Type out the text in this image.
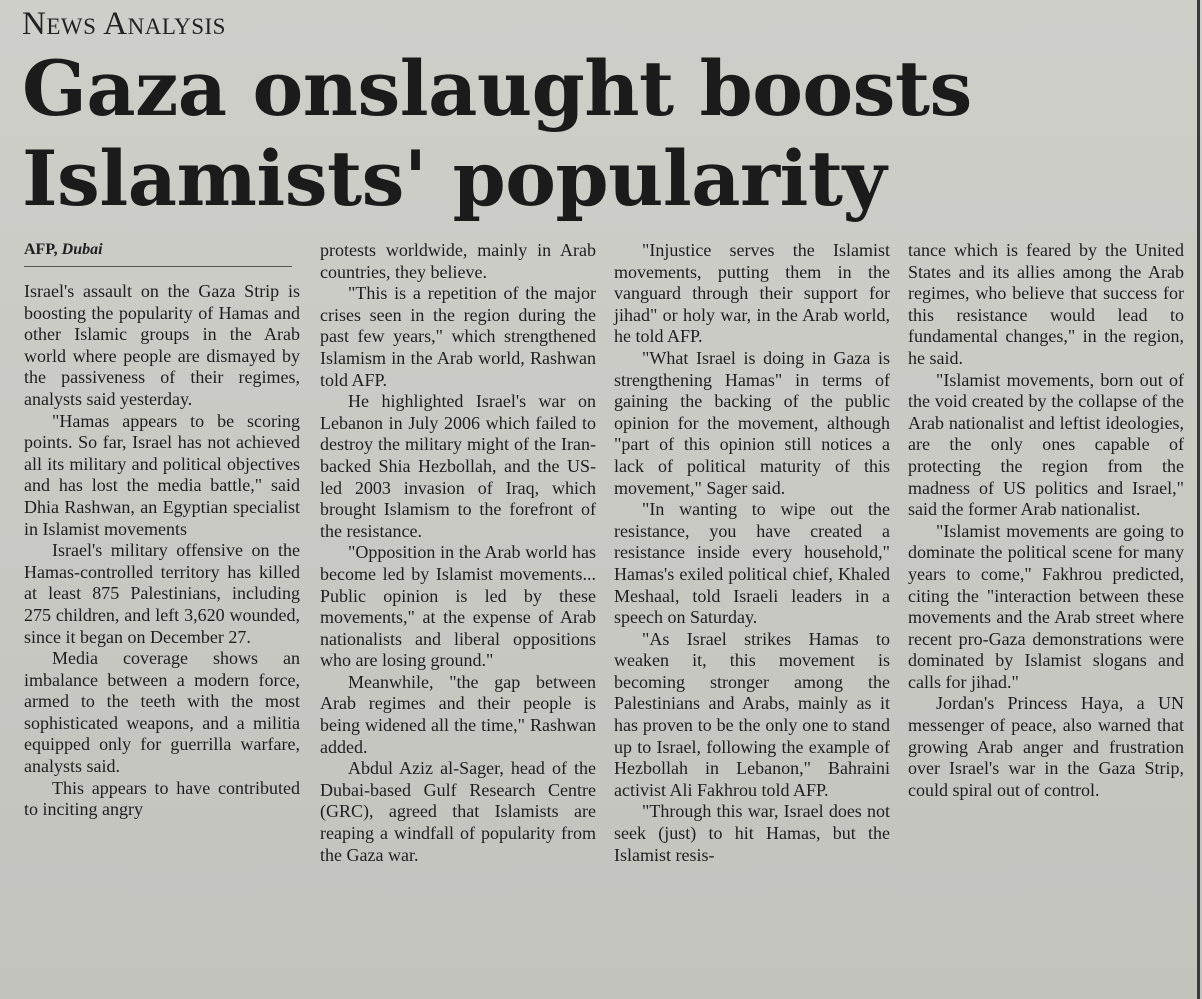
News Analysis
Gaza onslaught boosts Islamists' popularity
AFP, Dubai

Israel's assault on the Gaza Strip is boosting the popularity of Hamas and other Islamic groups in the Arab world where people are dismayed by the passiveness of their regimes, analysts said yesterday.

"Hamas appears to be scoring points. So far, Israel has not achieved all its military and political objectives and has lost the media battle," said Dhia Rashwan, an Egyptian specialist in Islamist movements

Israel's military offensive on the Hamas-controlled territory has killed at least 875 Palestinians, including 275 children, and left 3,620 wounded, since it began on December 27.

Media coverage shows an imbalance between a modern force, armed to the teeth with the most sophisticated weapons, and a militia equipped only for guerrilla warfare, analysts said.

This appears to have contributed to inciting angry

protests worldwide, mainly in Arab countries, they believe.

"This is a repetition of the major crises seen in the region during the past few years," which strengthened Islamism in the Arab world, Rashwan told AFP.

He highlighted Israel's war on Lebanon in July 2006 which failed to destroy the military might of the Iran-backed Shia Hezbollah, and the US-led 2003 invasion of Iraq, which brought Islamism to the forefront of the resistance.

"Opposition in the Arab world has become led by Islamist movements... Public opinion is led by these movements," at the expense of Arab nationalists and liberal oppositions who are losing ground."

Meanwhile, "the gap between Arab regimes and their people is being widened all the time," Rashwan added.

Abdul Aziz al-Sager, head of the Dubai-based Gulf Research Centre (GRC), agreed that Islamists are reaping a windfall of popularity from the Gaza war.

"Injustice serves the Islamist movements, putting them in the vanguard through their support for jihad" or holy war, in the Arab world, he told AFP.

"What Israel is doing in Gaza is strengthening Hamas" in terms of gaining the backing of the public opinion for the movement, although "part of this opinion still notices a lack of political maturity of this movement," Sager said.

"In wanting to wipe out the resistance, you have created a resistance inside every household," Hamas's exiled political chief, Khaled Meshaal, told Israeli leaders in a speech on Saturday.

"As Israel strikes Hamas to weaken it, this movement is becoming stronger among the Palestinians and Arabs, mainly as it has proven to be the only one to stand up to Israel, following the example of Hezbollah in Lebanon," Bahraini activist Ali Fakhrou told AFP.

"Through this war, Israel does not seek (just) to hit Hamas, but the Islamist resis-

tance which is feared by the United States and its allies among the Arab regimes, who believe that success for this resistance would lead to fundamental changes," in the region, he said.

"Islamist movements, born out of the void created by the collapse of the Arab nationalist and leftist ideologies, are the only ones capable of protecting the region from the madness of US politics and Israel," said the former Arab nationalist.

"Islamist movements are going to dominate the political scene for many years to come," Fakhrou predicted, citing the "interaction between these movements and the Arab street where recent pro-Gaza demonstrations were dominated by Islamist slogans and calls for jihad."

Jordan's Princess Haya, a UN messenger of peace, also warned that growing Arab anger and frustration over Israel's war in the Gaza Strip, could spiral out of control.
